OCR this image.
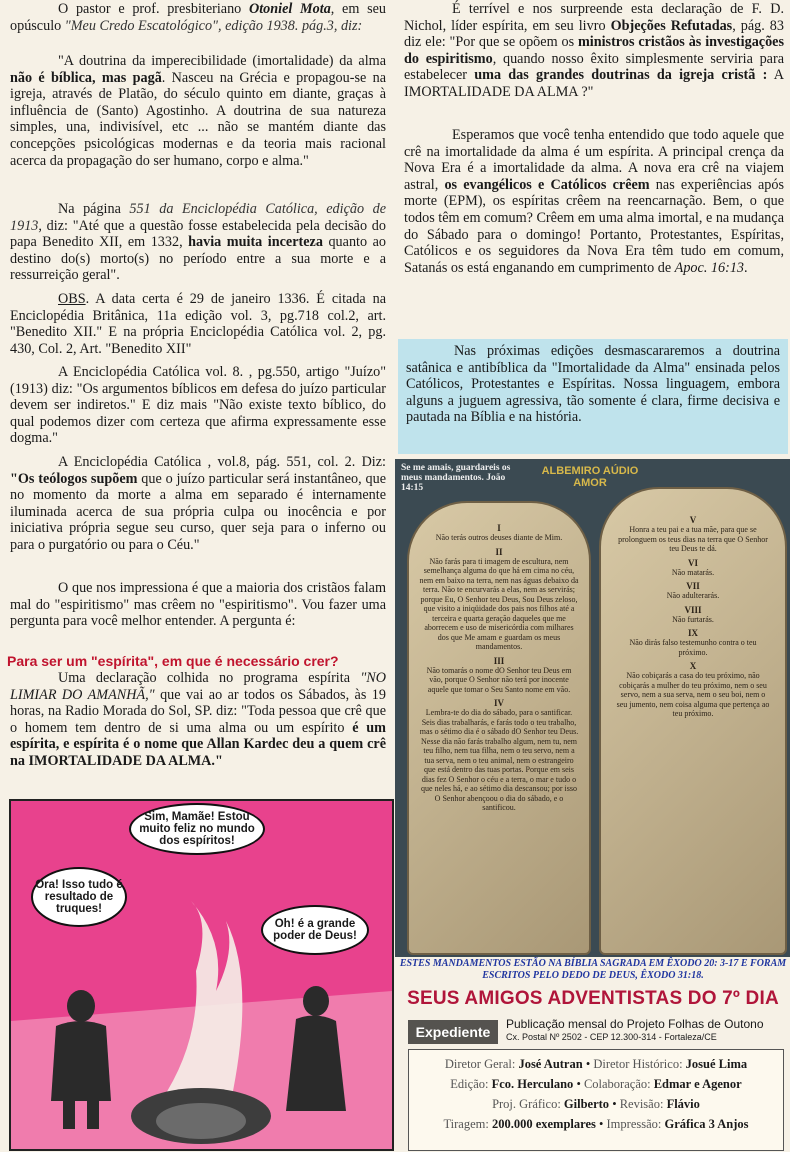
O pastor e prof. presbiteriano Otoniel Mota, em seu opúsculo "Meu Credo Escatológico", edição 1938. pág.3, diz:

"A doutrina da imperecibilidade (imortalidade) da alma não é bíblica, mas pagã. Nasceu na Grécia e propagou-se na igreja, através de Platão, do século quinto em diante, graças à influência de (Santo) Agostinho. A doutrina de sua natureza simples, una, indivisível, etc ... não se mantém diante das concepções psicológicas modernas e da teoria mais racional acerca da propagação do ser humano, corpo e alma."

Na página 551 da Enciclopédia Católica, edição de 1913, diz: "Até que a questão fosse estabelecida pela decisão do papa Benedito XII, em 1332, havia muita incerteza quanto ao destino do(s) morto(s) no período entre a sua morte e a ressurreição geral".

OBS. A data certa é 29 de janeiro 1336. É citada na Enciclopédia Britânica, 11a edição vol. 3, pg.718 col.2, art. "Benedito XII." E na própria Enciclopédia Católica vol. 2, pg. 430, Col. 2, Art. "Benedito XII"

A Enciclopédia Católica vol. 8. , pg.550, artigo "Juízo"(1913) diz: "Os argumentos bíblicos em defesa do juízo particular devem ser indiretos." E diz mais "Não existe texto bíblico, do qual podemos dizer com certeza que afirma expressamente esse dogma."

A Enciclopédia Católica , vol.8, pág. 551, col. 2. Diz: "Os teólogos supõem que o juízo particular será instantâneo, que no momento da morte a alma em separado é internamente iluminada acerca de sua própria culpa ou inocência e por iniciativa própria segue seu curso, quer seja para o inferno ou para o purgatório ou para o Céu."

O que nos impressiona é que a maioria dos cristãos falam mal do "espiritismo" mas crêem no "espiritismo". Vou fazer uma pergunta para você melhor entender. A pergunta é:

Para ser um "espírita", em que é necessário crer?

Uma declaração colhida no programa espírita "NO LIMIAR DO AMANHÃ," que vai ao ar todos os Sábados, às 19 horas, na Radio Morada do Sol, SP. diz: "Toda pessoa que crê que o homem tem dentro de si uma alma ou um espírito é um espírita, e espírita é o nome que Allan Kardec deu a quem crê na IMORTALIDADE DA ALMA."

Sim, Mamãe! Estou muito feliz no mundo dos espíritos!
Ora! Isso tudo é resultado de truques!
Oh! é a grande poder de Deus!

É terrível e nos surpreende esta declaração de F. D. Nichol, líder espírita, em seu livro Objeções Refutadas, pág. 83 diz ele: "Por que se opõem os ministros cristãos às investigações do espiritismo, quando nosso êxito simplesmente serviria para estabelecer uma das grandes doutrinas da igreja cristã : A IMORTALIDADE DA ALMA ?"

Esperamos que você tenha entendido que todo aquele que crê na imortalidade da alma é um espírita. A principal crença da Nova Era é a imortalidade da alma. A nova era crê na viajem astral, os evangélicos e Católicos crêem nas experiências após morte (EPM), os espíritas crêem na reencarnação. Bem, o que todos têm em comum? Crêem em uma alma imortal, e na mudança do Sábado para o domingo! Portanto, Protestantes, Espíritas, Católicos e os seguidores da Nova Era têm tudo em comum, Satanás os está enganando em cumprimento de Apoc. 16:13.

Nas próximas edições desmascararemos a doutrina satânica e antibíblica da "Imortalidade da Alma" ensinada pelos Católicos, Protestantes e Espíritas. Nossa linguagem, embora alguns a juguem agressiva, tão somente é clara, firme decisiva e pautada na Bíblia e na história.

Se me amais, guardareis os meus mandamentos. João 14:15
ALBEMIRO AÚDIO AMOR
I
Não terás outros deuses diante de Mim.
II
Não farás para ti imagem de escultura, nem semelhança alguma do que há em cima no céu, nem em baixo na terra, nem nas águas debaixo da terra. Não te encurvarás a elas, nem as servirás; porque Eu, O Senhor teu Deus, Sou Deus zeloso, que visito a iniqüidade dos pais nos filhos até a terceira e quarta geração daqueles que me aborrecem e uso de misericórdia com milhares dos que Me amam e guardam os meus mandamentos.
III
Não tomarás o nome dO Senhor teu Deus em vão, porque O Senhor não terá por inocente aquele que tomar o Seu Santo nome em vão.
IV
Lembra-te do dia do sábado, para o santificar. Seis dias trabalharás, e farás todo o teu trabalho, mas o sétimo dia é o sábado dO Senhor teu Deus. Nesse dia não farás trabalho algum, nem tu, nem teu filho, nem tua filha, nem o teu servo, nem a tua serva, nem o teu animal, nem o estrangeiro que está dentro das tuas portas. Porque em seis dias fez O Senhor o céu e a terra, o mar e tudo o que neles há, e ao sétimo dia descansou; por isso O Senhor abençoou o dia do sábado, e o santificou.
V
Honra a teu pai e a tua mãe, para que se prolonguem os teus dias na terra que O Senhor teu Deus te dá.
VI
Não matarás.
VII
Não adulterarás.
VIII
Não furtarás.
IX
Não dirás falso testemunho contra o teu próximo.
X
Não cobiçarás a casa do teu próximo, não cobiçarás a mulher do teu próximo, nem o seu servo, nem a sua serva, nem o seu boi, nem o seu jumento, nem coisa alguma que pertença ao teu próximo.
ESTES MANDAMENTOS ESTÃO NA BÍBLIA SAGRADA EM ÊXODO 20: 3-17 E FORAM ESCRITOS PELO DEDO DE DEUS, ÊXODO 31:18.
SEUS AMIGOS ADVENTISTAS DO 7º DIA
Expediente	Publicação mensal do Projeto Folhas de Outono
Cx. Postal Nº 2502 - CEP 12.300-314 - Fortaleza/CE
Diretor Geral: José Autran • Diretor Histórico: Josué Lima
Edição: Fco. Herculano • Colaboração: Edmar e Agenor
Proj. Gráfico: Gilberto • Revisão: Flávio
Tiragem: 200.000 exemplares • Impressão: Gráfica 3 Anjos
